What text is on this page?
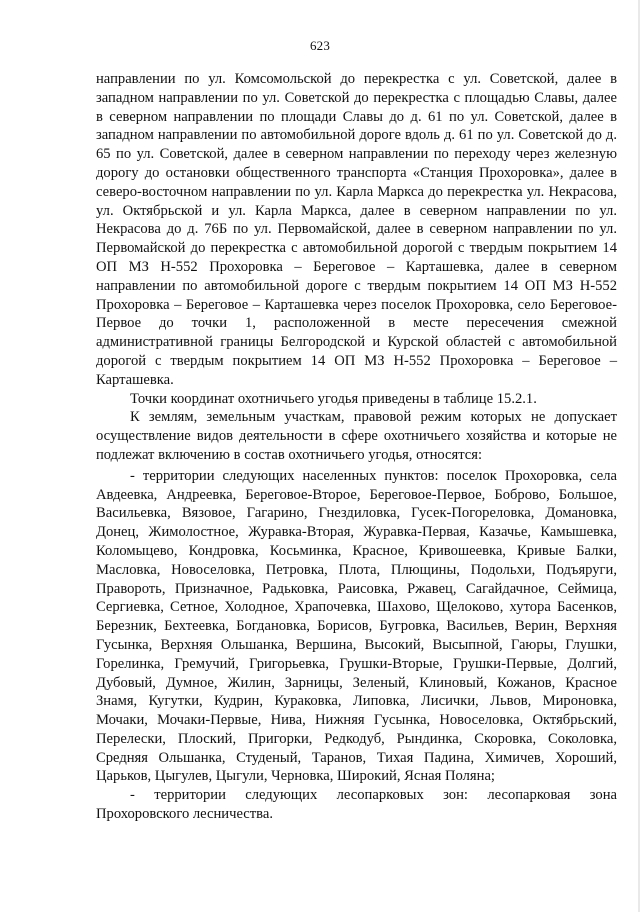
623

направлении по ул. Комсомольской до перекрестка с ул. Советской, далее в западном направлении по ул. Советской до перекрестка с площадью Славы, далее в северном направлении по площади Славы до д. 61 по ул. Советской, далее в западном направлении по автомобильной дороге вдоль д. 61 по ул. Советской до д. 65 по ул. Советской, далее в северном направлении по переходу через железную дорогу до остановки общественного транспорта «Станция Прохоровка», далее в северо-восточном направлении по ул. Карла Маркса до перекрестка ул. Некрасова, ул. Октябрьской и ул. Карла Маркса, далее в северном направлении по ул. Некрасова до д. 76Б по ул. Первомайской, далее в северном направлении по ул. Первомайской до перекрестка с автомобильной дорогой с твердым покрытием 14 ОП МЗ Н-552 Прохоровка – Береговое – Карташевка, далее в северном направлении по автомобильной дороге с твердым покрытием 14 ОП МЗ Н-552 Прохоровка – Береговое – Карташевка через поселок Прохоровка, село Береговое-Первое до точки 1, расположенной в месте пересечения смежной административной границы Белгородской и Курской областей с автомобильной дорогой с твердым покрытием 14 ОП МЗ Н-552 Прохоровка – Береговое – Карташевка.

Точки координат охотничьего угодья приведены в таблице 15.2.1.

К землям, земельным участкам, правовой режим которых не допускает осуществление видов деятельности в сфере охотничьего хозяйства и которые не подлежат включению в состав охотничьего угодья, относятся:

- территории следующих населенных пунктов: поселок Прохоровка, села Авдеевка, Андреевка, Береговое-Второе, Береговое-Первое, Боброво, Большое, Васильевка, Вязовое, Гагарино, Гнездиловка, Гусек-Погореловка, Домановка, Донец, Жимолостное, Журавка-Вторая, Журавка-Первая, Казачье, Камышевка, Коломыцево, Кондровка, Косьминка, Красное, Кривошеевка, Кривые Балки, Масловка, Новоселовка, Петровка, Плота, Плющины, Подольхи, Подъяруги, Правороть, Призначное, Радьковка, Раисовка, Ржавец, Сагайдачное, Сеймица, Сергиевка, Сетное, Холодное, Храпочевка, Шахово, Щелоково, хутора Басенков, Березник, Бехтеевка, Богдановка, Борисов, Бугровка, Васильев, Верин, Верхняя Гусынка, Верхняя Ольшанка, Вершина, Высокий, Высыпной, Гаюры, Глушки, Горелинка, Гремучий, Григорьевка, Грушки-Вторые, Грушки-Первые, Долгий, Дубовый, Думное, Жилин, Зарницы, Зеленый, Клиновый, Кожанов, Красное Знамя, Кугутки, Кудрин, Кураковка, Липовка, Лисички, Львов, Мироновка, Мочаки, Мочаки-Первые, Нива, Нижняя Гусынка, Новоселовка, Октябрьский, Перелески, Плоский, Пригорки, Редкодуб, Рындинка, Скоровка, Соколовка, Средняя Ольшанка, Студеный, Таранов, Тихая Падина, Химичев, Хороший, Царьков, Цыгулев, Цыгули, Черновка, Широкий, Ясная Поляна;

- территории следующих лесопарковых зон: лесопарковая зона Прохоровского лесничества.
